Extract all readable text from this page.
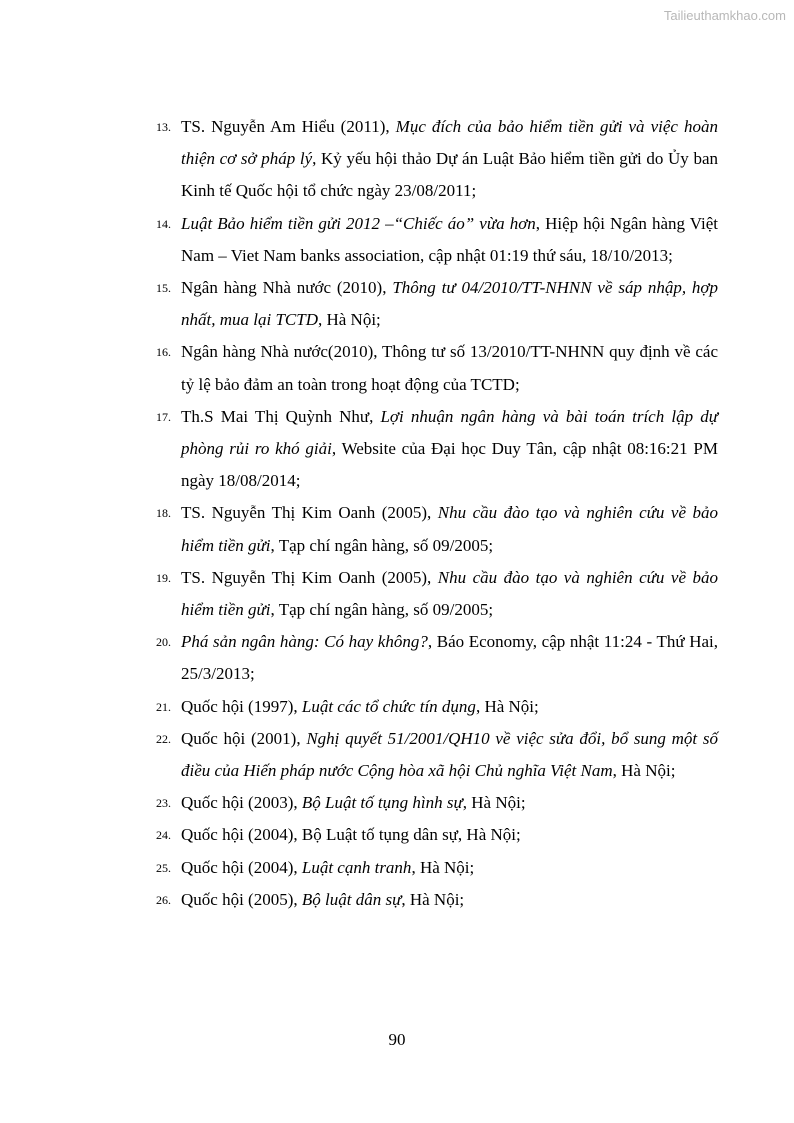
Tailieuthamkhao.com
13. TS. Nguyễn Am Hiểu (2011), Mục đích của bảo hiểm tiền gửi và việc hoàn thiện cơ sở pháp lý, Kỷ yếu hội thảo Dự án Luật Bảo hiểm tiền gửi do Ủy ban Kinh tế Quốc hội tổ chức ngày 23/08/2011;
14. Luật Bảo hiểm tiền gửi 2012 –“Chiếc áo” vừa hơn, Hiệp hội Ngân hàng Việt Nam – Viet Nam banks association, cập nhật 01:19 thứ sáu, 18/10/2013;
15. Ngân hàng Nhà nước (2010), Thông tư 04/2010/TT-NHNN về sáp nhập, hợp nhất, mua lại TCTD, Hà Nội;
16. Ngân hàng Nhà nước(2010), Thông tư số 13/2010/TT-NHNN quy định về các tỷ lệ bảo đảm an toàn trong hoạt động của TCTD;
17. Th.S Mai Thị Quỳnh Như, Lợi nhuận ngân hàng và bài toán trích lập dự phòng rủi ro khó giải, Website của Đại học Duy Tân, cập nhật 08:16:21 PM ngày 18/08/2014;
18. TS. Nguyễn Thị Kim Oanh (2005), Nhu cầu đào tạo và nghiên cứu về bảo hiểm tiền gửi, Tạp chí ngân hàng, số 09/2005;
19. TS. Nguyễn Thị Kim Oanh (2005), Nhu cầu đào tạo và nghiên cứu về bảo hiểm tiền gửi, Tạp chí ngân hàng, số 09/2005;
20. Phá sản ngân hàng: Có hay không?, Báo Economy, cập nhật 11:24 - Thứ Hai, 25/3/2013;
21. Quốc hội (1997), Luật các tổ chức tín dụng, Hà Nội;
22. Quốc hội (2001), Nghị quyết 51/2001/QH10 về việc sửa đổi, bổ sung một số điều của Hiến pháp nước Cộng hòa xã hội Chủ nghĩa Việt Nam, Hà Nội;
23. Quốc hội (2003), Bộ Luật tố tụng hình sự, Hà Nội;
24. Quốc hội (2004), Bộ Luật tố tụng dân sự, Hà Nội;
25. Quốc hội (2004), Luật cạnh tranh, Hà Nội;
26. Quốc hội (2005), Bộ luật dân sự, Hà Nội;
90
